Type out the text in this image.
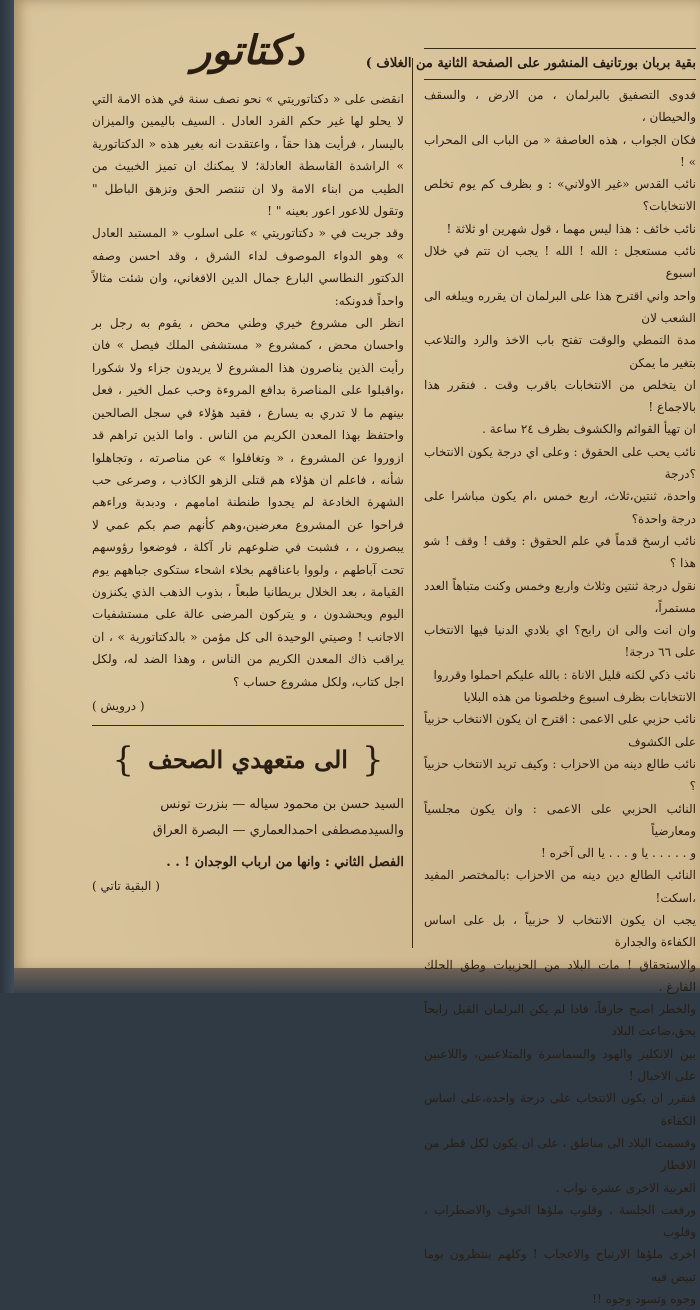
بقية بربان بورتانيف المنشور على الصفحة الثانية من الغلاف )

فدوى التصفيق بالبرلمان ، من الارض ، والسقف والحيطان ،

فكان الجواب ، هذه العاصفة « من الباب الى المحراب » !

نائب القدس «غير الاولاني» : و بظرف كم يوم تخلص الانتخابات؟

نائب خائف : هذا ليس مهما ، قول شهرين او ثلاثة !

نائب مستعجل : الله ! الله ! يجب ان تتم في خلال اسبوع

واحد واني اقترح هذا على البرلمان ان يقرره ويبلغه الى الشعب لان

مدة التمطي والوقت تفتح باب الاخذ والرد والتلاعب بتغير ما يمكن

ان يتخلص من الانتخابات باقرب وقت . فنقرر هذا بالاجماع !

ان تهيأ القوائم والكشوف بظرف ٢٤ ساعة .

نائب يحب على الحقوق : وعلى اي درجة يكون الانتخاب ؟درجة

واحدة، ثنتين،ثلاث، اربع خمس ،ام يكون مباشرا على درجة واحدة؟

نائب ارسخ قدماً في علم الحقوق : وقف ! وقف ! شو هذا ؟

نقول درجة ثنتين وثلاث واربع وخمس وكنت متباهاً العدد مستمراً،

وان انت والى ان رابح؟ اي بلادي الدنيا فيها الانتخاب على ٦٦ درجة!

نائب ذكي لكنه قليل الاناة : بالله عليكم احملوا وقرروا

الانتخابات بظرف اسبوع وخلصونا من هذه البلايا

نائب حزبي على الاعمى : اقترح ان يكون الانتخاب حزبياً

على الكشوف

نائب طالع دينه من الاحزاب : وكيف تريد الانتخاب حزبياً ؟

النائب الحزبي على الاعمى : وان يكون مجلسياً ومعارضياً

و . . . . . يا و . . . يا الى آخره !

النائب الطالع دين دينه من الاحزاب :بالمختصر المفيد ،اسكت!

يجب ان يكون الانتخاب لا حزبياً ، بل على اساس الكفاءة والجدارة

والاستحقاق ! مات البلاد من الحزبيات وطق الحلك الفارغ .

والخطر اصبح جارفاً، فاذا لم يكن البرلمان القبل رابحاً يحق،ضاعت البلاد

بين الانكليز والهود والسماسرة والمتلاعبين، واللاعبين على الاحبال !

فنقرر ان يكون الانتخاب على درجة واحدة،على اساس الكفاءة

وقسمت البلاد الى مناطق ، على ان يكون لكل قطر من الاقطار

العربية الاخرى عشرة نواب .

ورفعت الجلسة ، وقلوب ملؤها الخوف والاضطراب ، وقلوب

اخرى ملؤها الارتياح والاعجاب ! وكلهم ينتظرون يوما تبيض فيه

وجوه وتسود وجوه !!

دكتاتور

انقضى على « دكتاتوريتي » نحو نصف سنة في هذه الامة التي لا يحلو لها غير حكم الفرد العادل . السيف باليمين والميزان باليسار ، فرأيت هذا حقاً ، واعتقدت انه بغير هذه « الدكتاتورية » الراشدة القاسطة العادلة؛ لا يمكنك ان تميز الخبيث من الطيب من ابناء الامة ولا ان تنتصر الحق وتزهق الباطل " وتقول للاعور اعور بعينه " !

وقد جريت في « دكتاتوريتي » على اسلوب « المستبد العادل » وهو الدواء الموصوف لداء الشرق ، وقد احسن وصفه الدكتور النطاسي البارع جمال الدين الافغاني، وان شئت مثالاً واحداً فدونكه:

انظر الى مشروع خيري وطني محض ، يقوم به رجل بر واحسان محض ، كمشروع « مستشفى الملك فيصل » فان رأيت الذين يناصرون هذا المشروع لا يريدون جزاء ولا شكورا ،واقبلوا على المناصرة بدافع المروءة وحب عمل الخير ، فعل بينهم ما لا تدري به يسارع ، فقيد هؤلاء في سجل الصالحين واحتفظ بهذا المعدن الكريم من الناس . واما الذين تراهم قد ازوروا عن المشروع ، « وتغافلوا » عن مناصرته ، وتجاهلوا شأنه ، فاعلم ان هؤلاء هم قتلى الزهو الكاذب ، وصرعى حب الشهرة الخادعة لم يجدوا طنطنة امامهم ، ودبدبة وراءهم فراحوا عن المشروع معرضين،وهم كأنهم صم بكم عمي لا يبصرون ، ، فشبت في ضلوعهم نار آكلة ، فوضعوا رؤوسهم تحت آباطهم ، ولووا باعناقهم بخلاء اشحاء ستكوى جباههم يوم القيامة ، بعد الخلال بريطانيا طبعاً ، بذوب الذهب الذي يكنزون اليوم ويحشدون ، و يتركون المرضى عالة على مستشفيات الاجانب ! وصيتي الوحيدة الى كل مؤمن « بالدكتاتورية » ، ان يراقب ذاك المعدن الكريم من الناس ، وهذا الضد له، ولكل اجل كتاب، ولكل مشروع حساب ؟

( درويش )
{
الى متعهدي الصحف
}

السيد حسن بن محمود سياله — بنزرت تونس

والسيدمصطفى احمدالعماري — البصرة العراق

الفصل الثاني : وانها من ارباب الوجدان ! . .
( البقية تاتي )
